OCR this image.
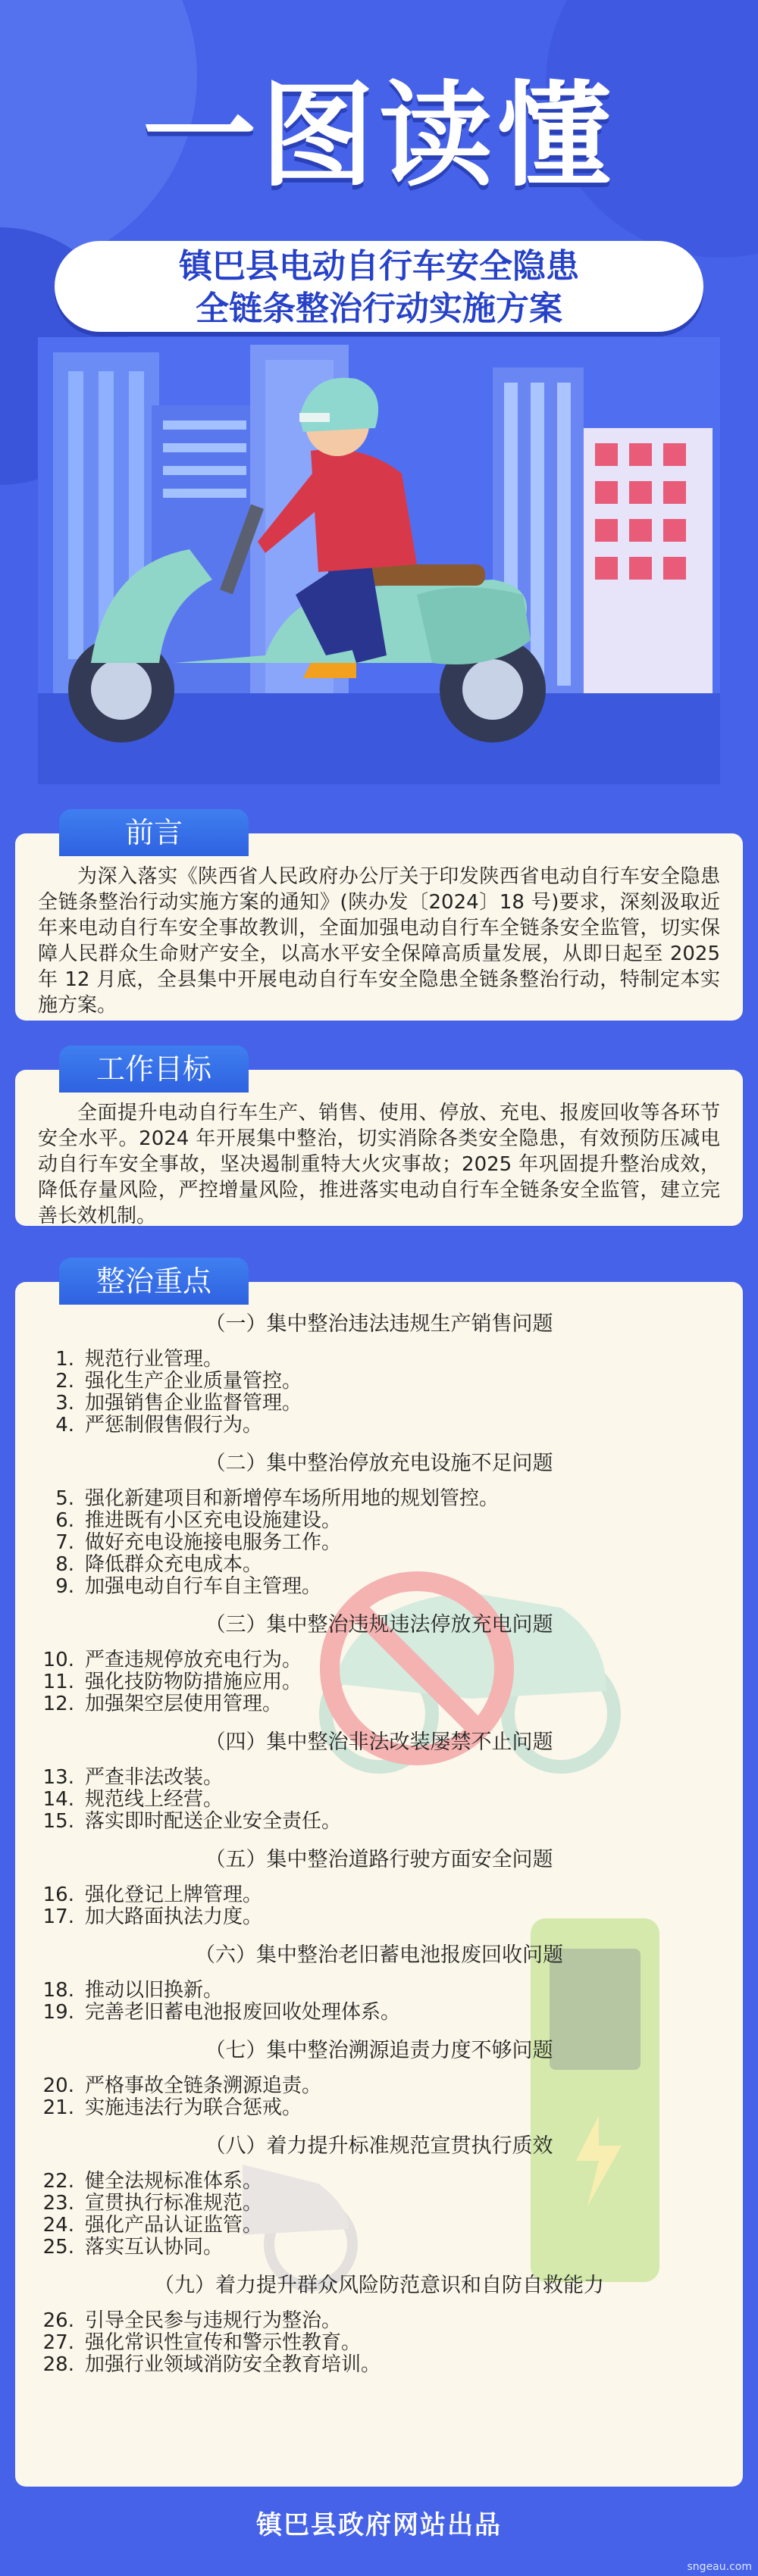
一图读懂
镇巴县电动自行车安全隐患
全链条整治行动实施方案

为深入落实《陕西省人民政府办公厅关于印发陕西省电动自行车安全隐患全链条整治行动实施方案的通知》(陕办发〔2024〕18 号)要求，深刻汲取近年来电动自行车安全事故教训，全面加强电动自行车全链条安全监管，切实保障人民群众生命财产安全，以高水平安全保障高质量发展，从即日起至 2025 年 12 月底，全县集中开展电动自行车安全隐患全链条整治行动，特制定本实施方案。

前言

全面提升电动自行车生产、销售、使用、停放、充电、报废回收等各环节安全水平。2024 年开展集中整治，切实消除各类安全隐患，有效预防压减电动自行车安全事故，坚决遏制重特大火灾事故；2025 年巩固提升整治成效，降低存量风险，严控增量风险，推进落实电动自行车全链条安全监管，建立完善长效机制。

工作目标

（一）集中整治违法违规生产销售问题

1. 规范行业管理。

2. 强化生产企业质量管控。

3. 加强销售企业监督管理。

4. 严惩制假售假行为。

（二）集中整治停放充电设施不足问题

5. 强化新建项目和新增停车场所用地的规划管控。

6. 推进既有小区充电设施建设。

7. 做好充电设施接电服务工作。

8. 降低群众充电成本。

9. 加强电动自行车自主管理。

（三）集中整治违规违法停放充电问题

10. 严查违规停放充电行为。

11. 强化技防物防措施应用。

12. 加强架空层使用管理。

（四）集中整治非法改装屡禁不止问题

13. 严查非法改装。

14. 规范线上经营。

15. 落实即时配送企业安全责任。

（五）集中整治道路行驶方面安全问题

16. 强化登记上牌管理。

17. 加大路面执法力度。

（六）集中整治老旧蓄电池报废回收问题

18. 推动以旧换新。

19. 完善老旧蓄电池报废回收处理体系。

（七）集中整治溯源追责力度不够问题

20. 严格事故全链条溯源追责。

21. 实施违法行为联合惩戒。

（八）着力提升标准规范宣贯执行质效

22. 健全法规标准体系。

23. 宣贯执行标准规范。

24. 强化产品认证监管。

25. 落实互认协同。

（九）着力提升群众风险防范意识和自防自救能力

26. 引导全民参与违规行为整治。

27. 强化常识性宣传和警示性教育。

28. 加强行业领域消防安全教育培训。

整治重点
镇巴县政府网站出品
sngeau.com
